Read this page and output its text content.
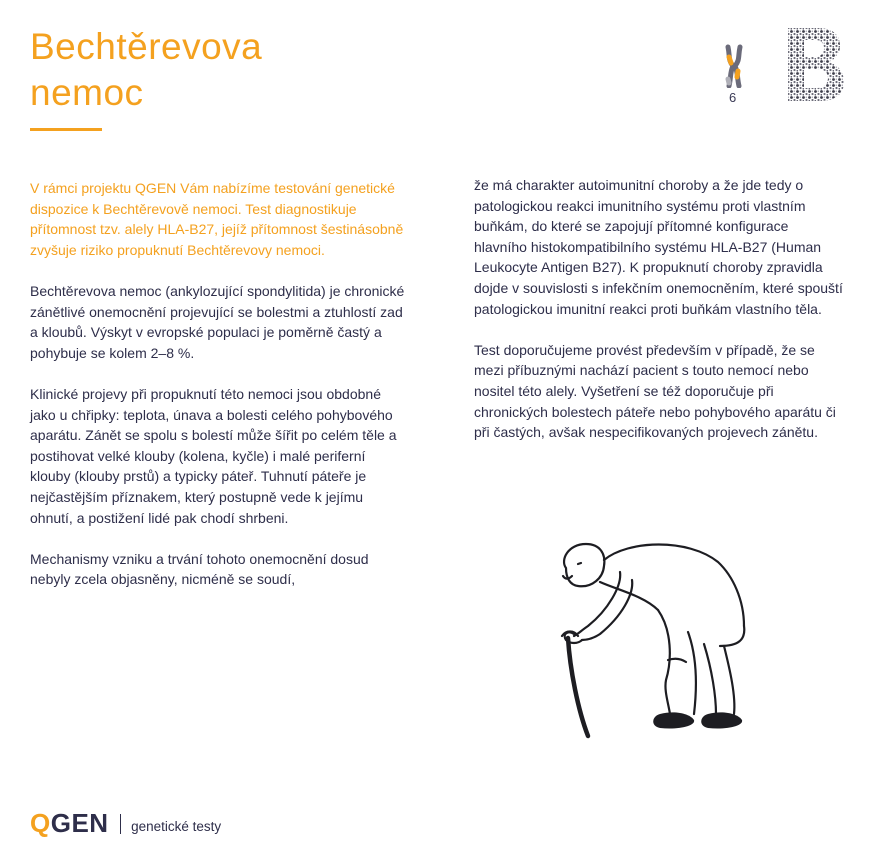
Bechtěrevova
nemoc	6

V rámci projektu QGEN Vám nabízíme testování genetické dispozice k Bechtěrevově nemoci. Test diagnostikuje přítomnost tzv. alely HLA-B27, jejíž přítomnost šestinásobně zvyšuje riziko propuknutí Bechtěrevovy nemoci.

Bechtěrevova nemoc (ankylozující spondylitida) je chronické zánětlivé onemocnění projevující se bolestmi a ztuhlostí zad a kloubů. Výskyt v evropské populaci je poměrně častý a pohybuje se kolem 2–8 %.

Klinické projevy při propuknutí této nemoci jsou obdobné jako u chřipky: teplota, únava a bolesti celého pohybového aparátu. Zánět se spolu s bolestí může šířit po celém těle a postihovat velké klouby (kolena, kyčle) i malé periferní klouby (klouby prstů) a typicky páteř. Tuhnutí páteře je nejčastějším příznakem, který postupně vede k jejímu ohnutí, a postižení lidé pak chodí shrbeni.

Mechanismy vzniku a trvání tohoto onemocnění dosud nebyly zcela objasněny, nicméně se soudí,

že má charakter autoimunitní choroby a že jde tedy o patologickou reakci imunitního systému proti vlastním buňkám, do které se zapojují přítomné konfigurace hlavního histokompatibilního systému HLA-B27 (Human Leukocyte Antigen B27). K propuknutí choroby zpravidla dojde v souvislosti s infekčním onemocněním, které spouští patologickou imunitní reakci proti buňkám vlastního těla.

Test doporučujeme provést především v případě, že se mezi příbuznými nachází pacient s touto nemocí nebo nositel této alely. Vyšetření se též doporučuje při chronických bolestech páteře nebo pohybového aparátu či při častých, avšak nespecifikovaných projevech zánětu.

QGEN genetické testy
